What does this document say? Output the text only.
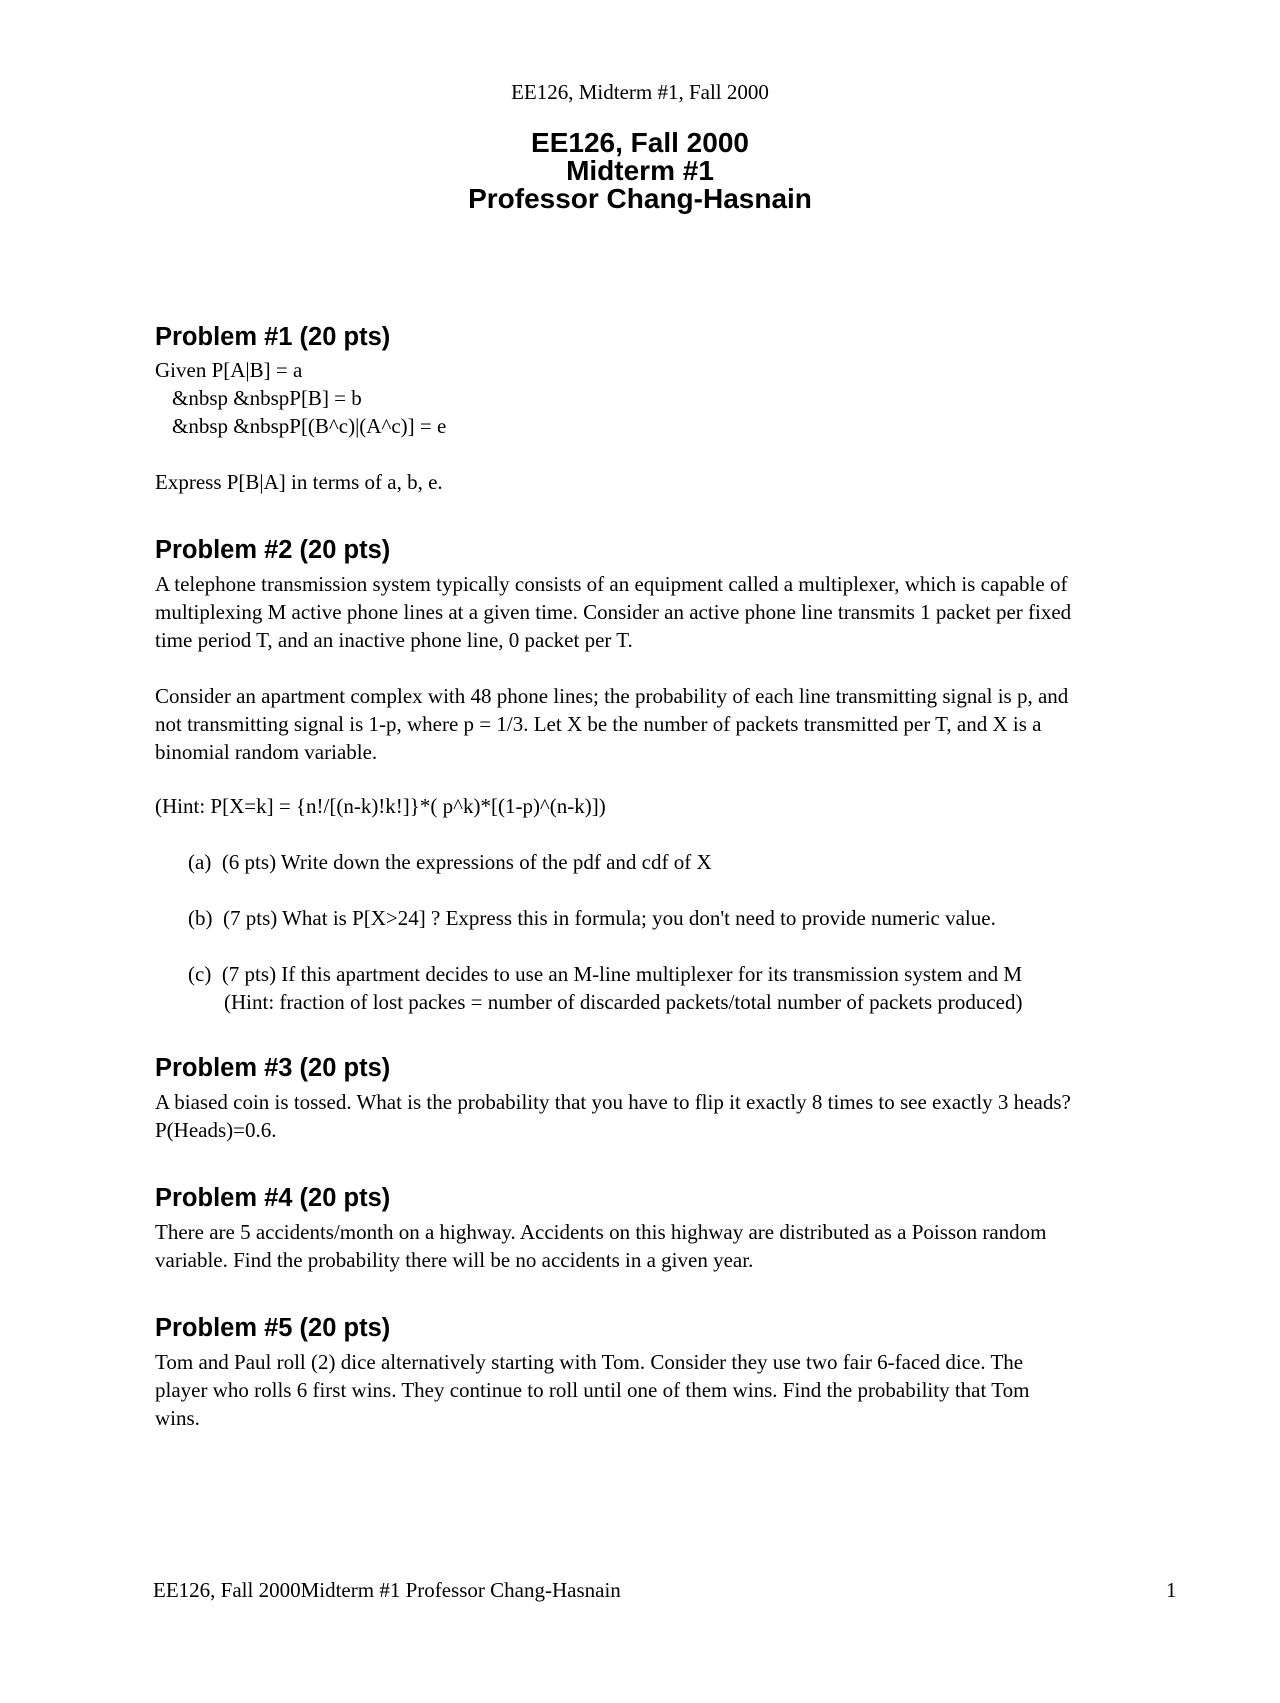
EE126, Midterm #1, Fall 2000
EE126, Fall 2000
Midterm #1
Professor Chang-Hasnain
Problem #1 (20 pts)
Given P[A|B] = a
&nbsp &nbspP[B] = b
&nbsp &nbspP[(B^c)|(A^c)] = e
Express P[B|A] in terms of a, b, e.
Problem #2 (20 pts)
A telephone transmission system typically consists of an equipment called a multiplexer, which is capable of
multiplexing M active phone lines at a given time. Consider an active phone line transmits 1 packet per fixed
time period T, and an inactive phone line, 0 packet per T.
Consider an apartment complex with 48 phone lines; the probability of each line transmitting signal is p, and
not transmitting signal is 1-p, where p = 1/3. Let X be the number of packets transmitted per T, and X is a
binomial random variable.
(Hint: P[X=k] = {n!/[(n-k)!k!]}*( p^k)*[(1-p)^(n-k)])
(a) (6 pts) Write down the expressions of the pdf and cdf of X
(b) (7 pts) What is P[X>24] ? Express this in formula; you don't need to provide numeric value.
(c) (7 pts) If this apartment decides to use an M-line multiplexer for its transmission system and M
(Hint: fraction of lost packes = number of discarded packets/total number of packets produced)
Problem #3 (20 pts)
A biased coin is tossed. What is the probability that you have to flip it exactly 8 times to see exactly 3 heads?
P(Heads)=0.6.
Problem #4 (20 pts)
There are 5 accidents/month on a highway. Accidents on this highway are distributed as a Poisson random
variable. Find the probability there will be no accidents in a given year.
Problem #5 (20 pts)
Tom and Paul roll (2) dice alternatively starting with Tom. Consider they use two fair 6-faced dice. The
player who rolls 6 first wins. They continue to roll until one of them wins. Find the probability that Tom
wins.
EE126, Fall 2000Midterm #1 Professor Chang-Hasnain	1
